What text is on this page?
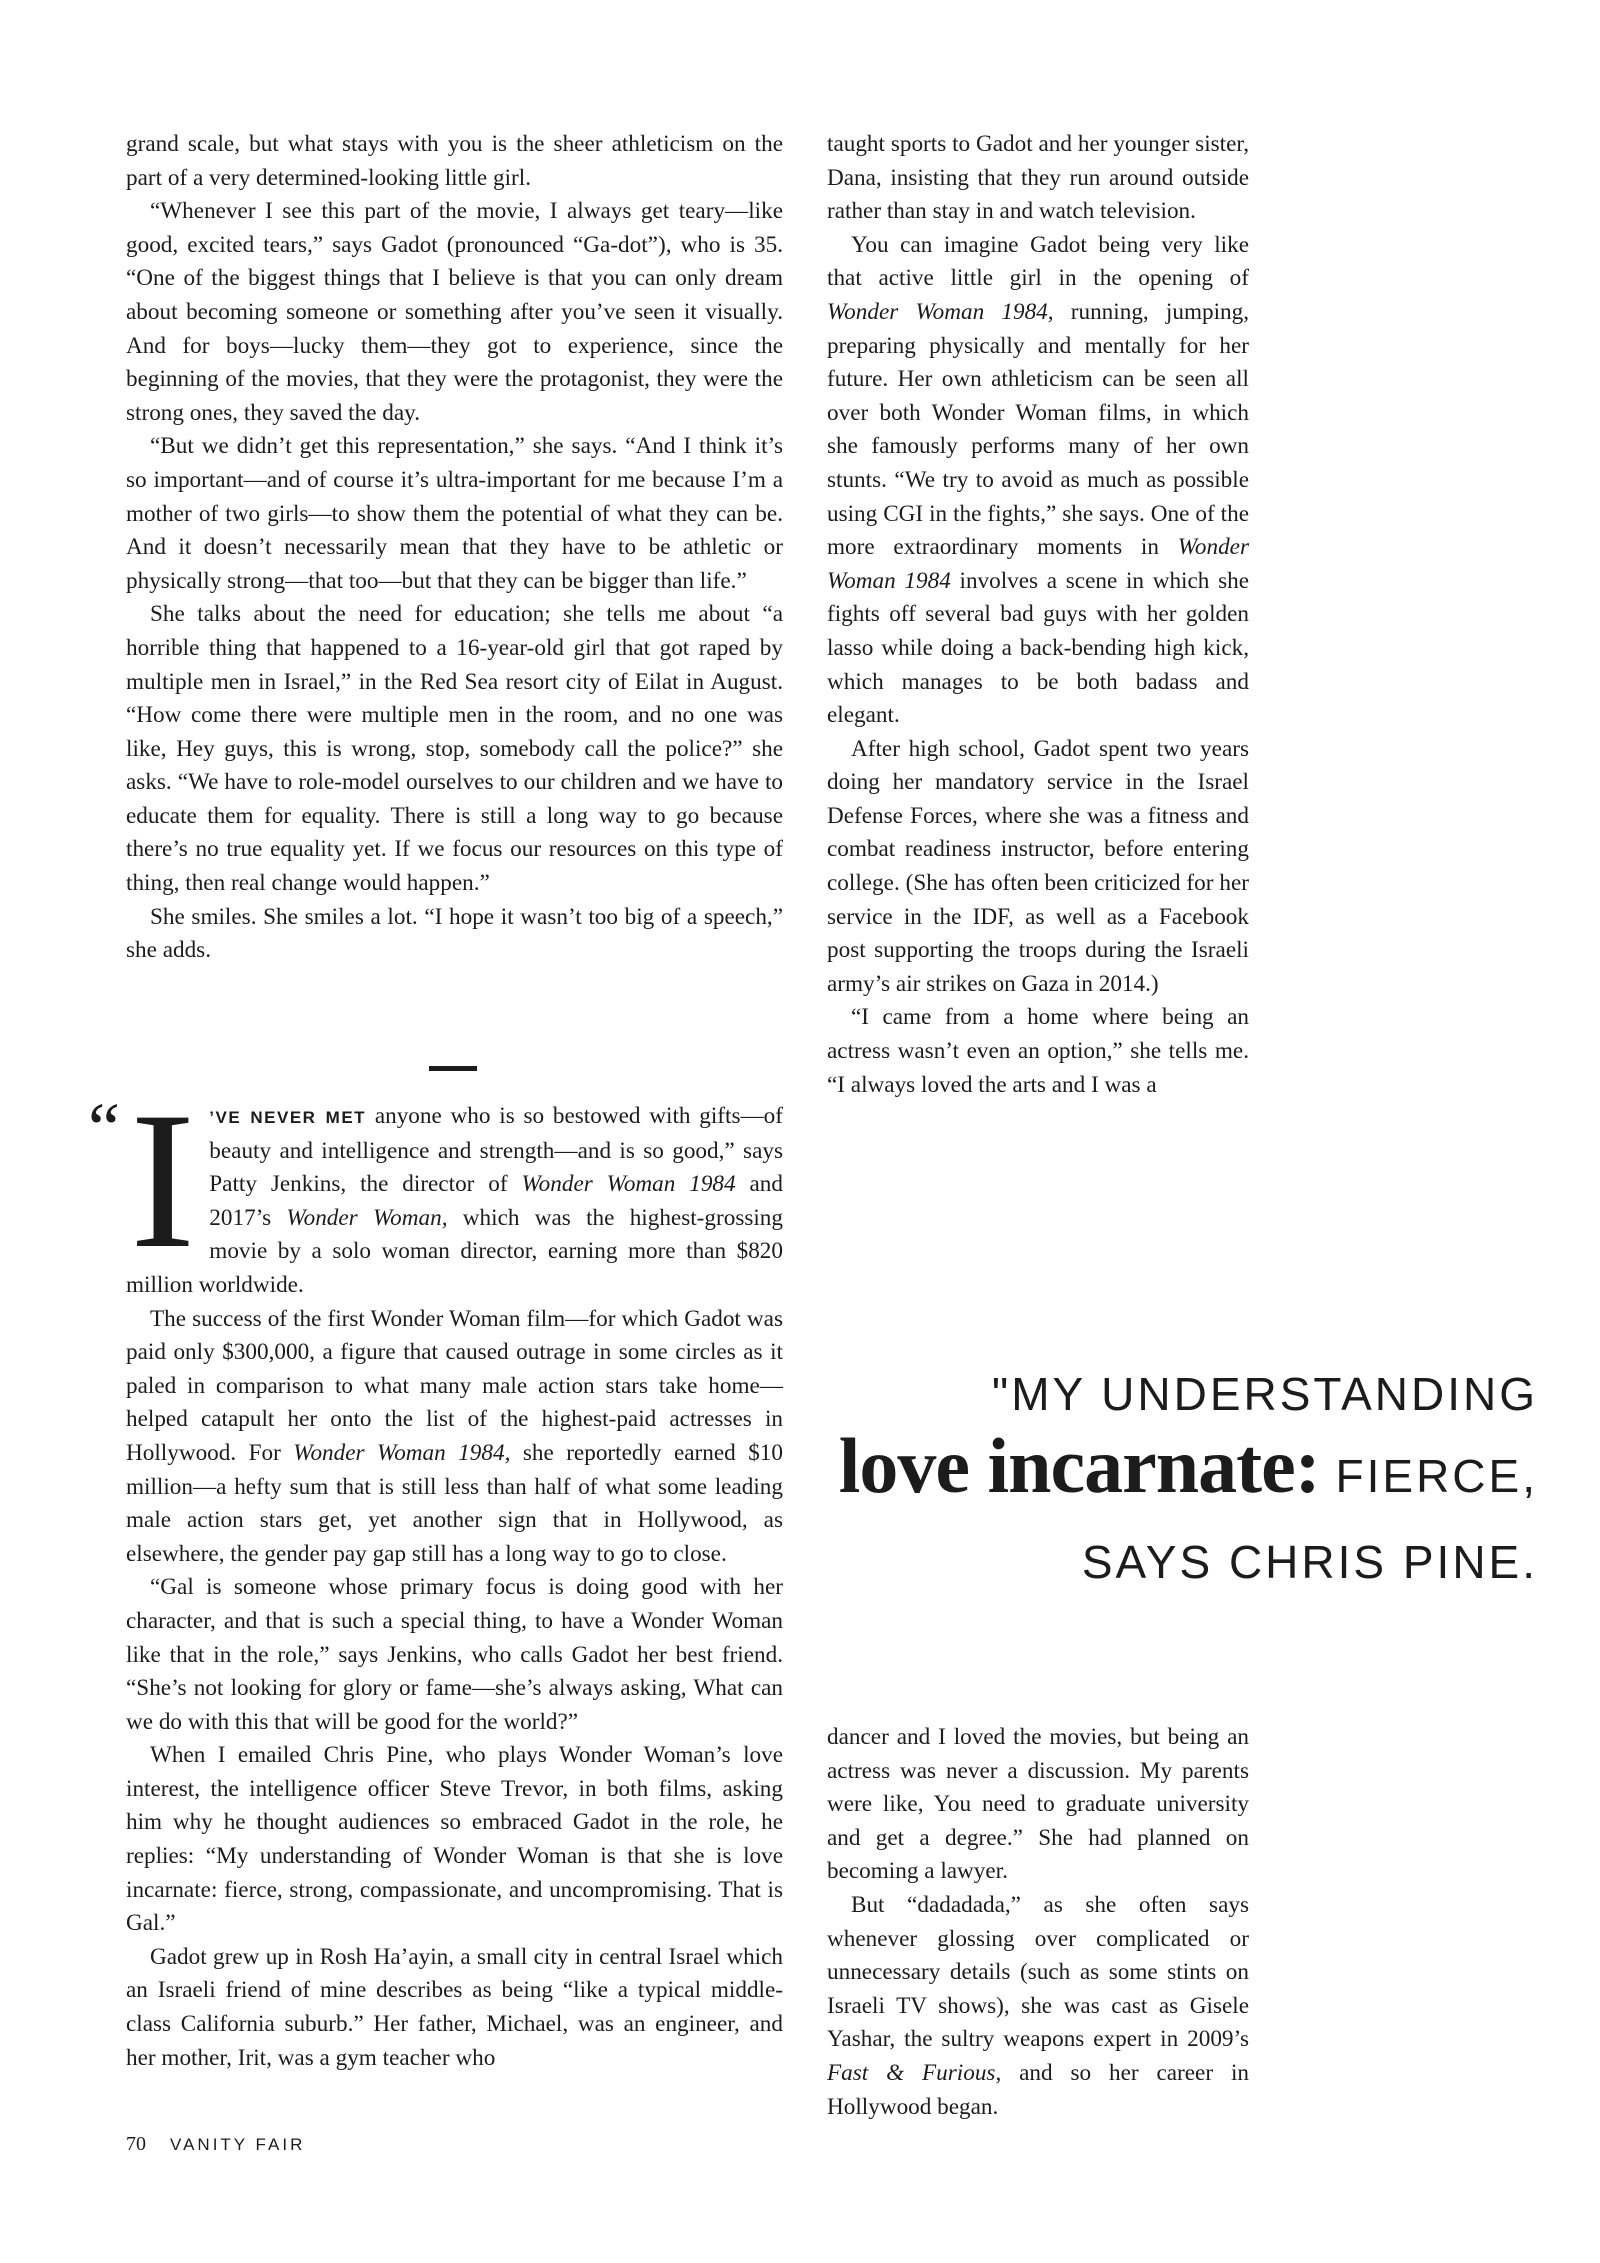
grand scale, but what stays with you is the sheer athleticism on the part of a very determined-looking little girl.

“Whenever I see this part of the movie, I always get teary—like good, excited tears,” says Gadot (pronounced “Ga-dot”), who is 35. “One of the biggest things that I believe is that you can only dream about becoming someone or something after you’ve seen it visually. And for boys—lucky them—they got to experience, since the beginning of the movies, that they were the protagonist, they were the strong ones, they saved the day.

“But we didn’t get this representation,” she says. “And I think it’s so important—and of course it’s ultra-important for me because I’m a mother of two girls—to show them the potential of what they can be. And it doesn’t necessarily mean that they have to be athletic or physically strong—that too—but that they can be bigger than life.”

She talks about the need for education; she tells me about “a horrible thing that happened to a 16-year-old girl that got raped by multiple men in Israel,” in the Red Sea resort city of Eilat in August. “How come there were multiple men in the room, and no one was like, Hey guys, this is wrong, stop, somebody call the police?” she asks. “We have to role-model ourselves to our children and we have to educate them for equality. There is still a long way to go because there’s no true equality yet. If we focus our resources on this type of thing, then real change would happen.”

She smiles. She smiles a lot. “I hope it wasn’t too big of a speech,” she adds.

“ I ’VE NEVER MET anyone who is so bestowed with gifts—of beauty and intelligence and strength—and is so good,” says Patty Jenkins, the director of Wonder Woman 1984 and 2017’s Wonder Woman, which was the highest-grossing movie by a solo woman director, earning more than $820 million worldwide.

The success of the first Wonder Woman film—for which Gadot was paid only $300,000, a figure that caused outrage in some circles as it paled in comparison to what many male action stars take home—helped catapult her onto the list of the highest-paid actresses in Hollywood. For Wonder Woman 1984, she reportedly earned $10 million—a hefty sum that is still less than half of what some leading male action stars get, yet another sign that in Hollywood, as elsewhere, the gender pay gap still has a long way to go to close.

“Gal is someone whose primary focus is doing good with her character, and that is such a special thing, to have a Wonder Woman like that in the role,” says Jenkins, who calls Gadot her best friend. “She’s not looking for glory or fame—she’s always asking, What can we do with this that will be good for the world?”

When I emailed Chris Pine, who plays Wonder Woman’s love interest, the intelligence officer Steve Trevor, in both films, asking him why he thought audiences so embraced Gadot in the role, he replies: “My understanding of Wonder Woman is that she is love incarnate: fierce, strong, compassionate, and uncompromising. That is Gal.”

Gadot grew up in Rosh Ha’ayin, a small city in central Israel which an Israeli friend of mine describes as being “like a typical middle-class California suburb.” Her father, Michael, was an engineer, and her mother, Irit, was a gym teacher who

taught sports to Gadot and her younger sister, Dana, insisting that they run around outside rather than stay in and watch television.

You can imagine Gadot being very like that active little girl in the opening of Wonder Woman 1984, running, jumping, preparing physically and mentally for her future. Her own athleticism can be seen all over both Wonder Woman films, in which she famously performs many of her own stunts. “We try to avoid as much as possible using CGI in the fights,” she says. One of the more extraordinary moments in Wonder Woman 1984 involves a scene in which she fights off several bad guys with her golden lasso while doing a back-bending high kick, which manages to be both badass and elegant.

After high school, Gadot spent two years doing her mandatory service in the Israel Defense Forces, where she was a fitness and combat readiness instructor, before entering college. (She has often been criticized for her service in the IDF, as well as a Facebook post supporting the troops during the Israeli army’s air strikes on Gaza in 2014.)

“I came from a home where being an actress wasn’t even an option,” she tells me. “I always loved the arts and I was a

"MY UNDERSTANDING
love incarnate: FIERCE,
SAYS CHRIS PINE.

dancer and I loved the movies, but being an actress was never a discussion. My parents were like, You need to graduate university and get a degree.” She had planned on becoming a lawyer.

But “dadadada,” as she often says whenever glossing over complicated or unnecessary details (such as some stints on Israeli TV shows), she was cast as Gisele Yashar, the sultry weapons expert in 2009’s Fast & Furious, and so her career in Hollywood began.

70 VANITY FAIR
